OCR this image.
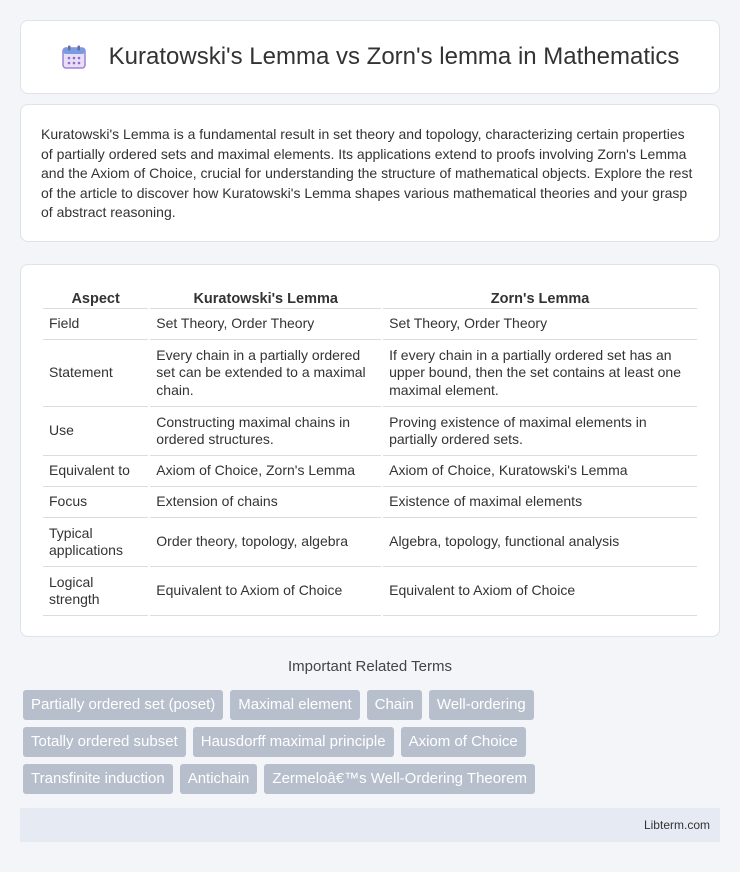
Kuratowski's Lemma vs Zorn's lemma in Mathematics

Kuratowski's Lemma is a fundamental result in set theory and topology, characterizing certain properties of partially ordered sets and maximal elements. Its applications extend to proofs involving Zorn's Lemma and the Axiom of Choice, crucial for understanding the structure of mathematical objects. Explore the rest of the article to discover how Kuratowski's Lemma shapes various mathematical theories and your grasp of abstract reasoning.

Aspect	Kuratowski's Lemma	Zorn's Lemma
Field	Set Theory, Order Theory	Set Theory, Order Theory
Statement	Every chain in a partially ordered set can be extended to a maximal chain.	If every chain in a partially ordered set has an upper bound, then the set contains at least one maximal element.
Use	Constructing maximal chains in ordered structures.	Proving existence of maximal elements in partially ordered sets.
Equivalent to	Axiom of Choice, Zorn's Lemma	Axiom of Choice, Kuratowski's Lemma
Focus	Extension of chains	Existence of maximal elements
Typical applications	Order theory, topology, algebra	Algebra, topology, functional analysis
Logical strength	Equivalent to Axiom of Choice	Equivalent to Axiom of Choice
Important Related Terms
Partially ordered set (poset)	Maximal element	Chain	Well-ordering
Totally ordered subset	Hausdorff maximal principle	Axiom of Choice
Transfinite induction	Antichain	Zermeloâ€™s Well-Ordering Theorem
Libterm.com
